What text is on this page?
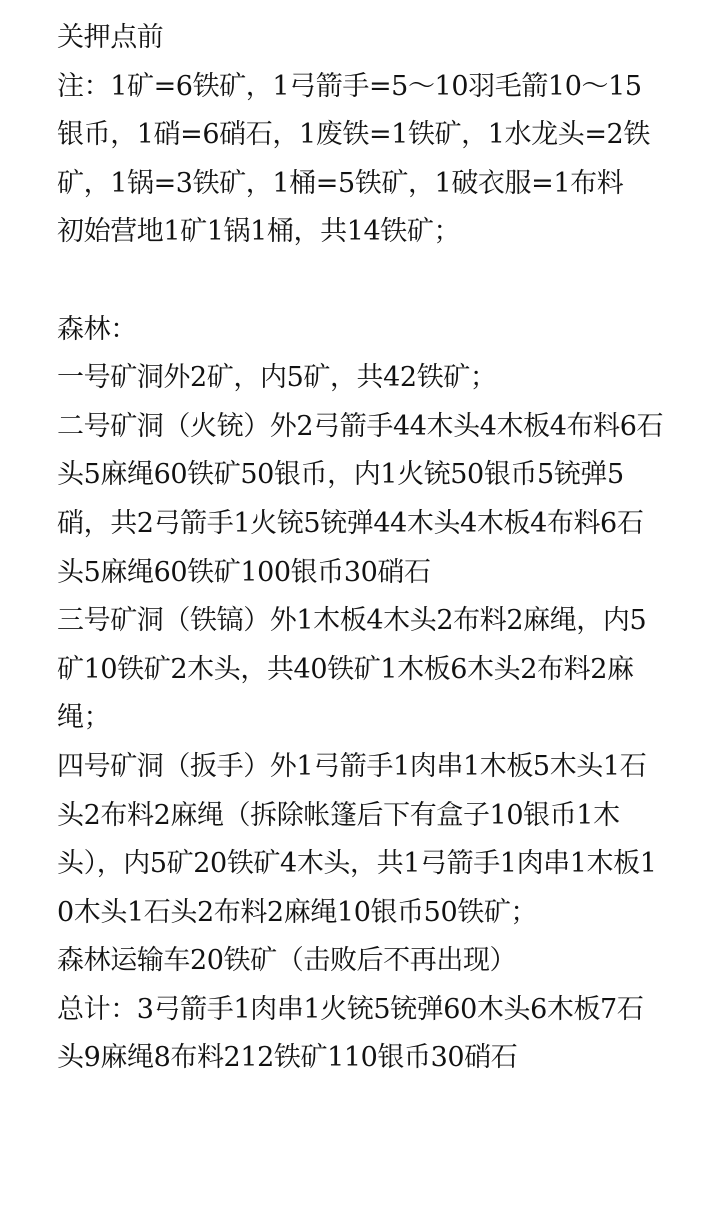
关押点前

注：1矿=6铁矿，1弓箭手=5～10羽毛箭10～15银币，1硝=6硝石，1废铁=1铁矿，1水龙头=2铁矿，1锅=3铁矿，1桶=5铁矿，1破衣服=1布料

初始营地1矿1锅1桶，共14铁矿；

森林：

一号矿洞外2矿，内5矿，共42铁矿；

二号矿洞（火铳）外2弓箭手44木头4木板4布料6石头5麻绳60铁矿50银币，内1火铳50银币5铳弹5硝，共2弓箭手1火铳5铳弹44木头4木板4布料6石头5麻绳60铁矿100银币30硝石

三号矿洞（铁镐）外1木板4木头2布料2麻绳，内5矿10铁矿2木头，共40铁矿1木板6木头2布料2麻绳；

四号矿洞（扳手）外1弓箭手1肉串1木板5木头1石头2布料2麻绳（拆除帐篷后下有盒子10银币1木头），内5矿20铁矿4木头，共1弓箭手1肉串1木板10木头1石头2布料2麻绳10银币50铁矿；

森林运输车20铁矿（击败后不再出现）

总计：3弓箭手1肉串1火铳5铳弹60木头6木板7石头9麻绳8布料212铁矿110银币30硝石
